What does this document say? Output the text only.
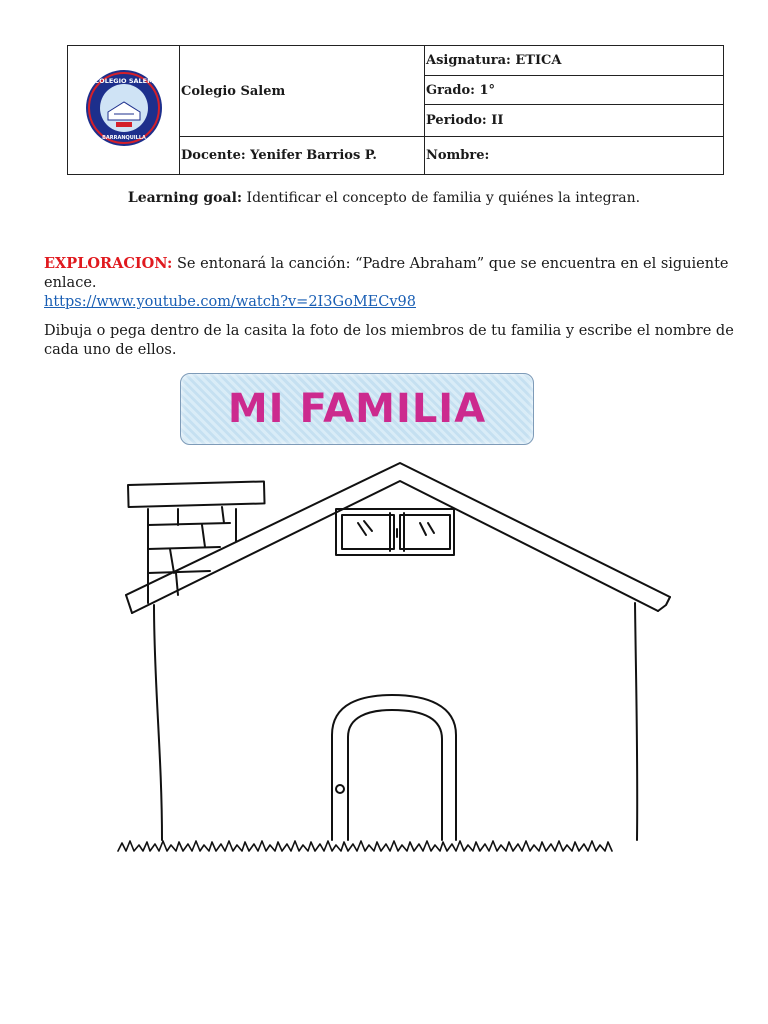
COLEGIO SALEM
BARRANQUILLA	Colegio Salem	Asignatura: ETICA
		Grado: 1°
		Periodo: II
	Docente: Yenifer Barrios P.	Nombre:
Learning goal: Identificar el concepto de familia y quiénes la integran.
EXPLORACION: Se entonará la canción: “Padre Abraham” que se encuentra en el siguiente enlace.
https://www.youtube.com/watch?v=2I3GoMECv98
Dibuja o pega dentro de la casita la foto de los miembros de tu familia y escribe el nombre de cada uno de ellos.
MI FAMILIA
